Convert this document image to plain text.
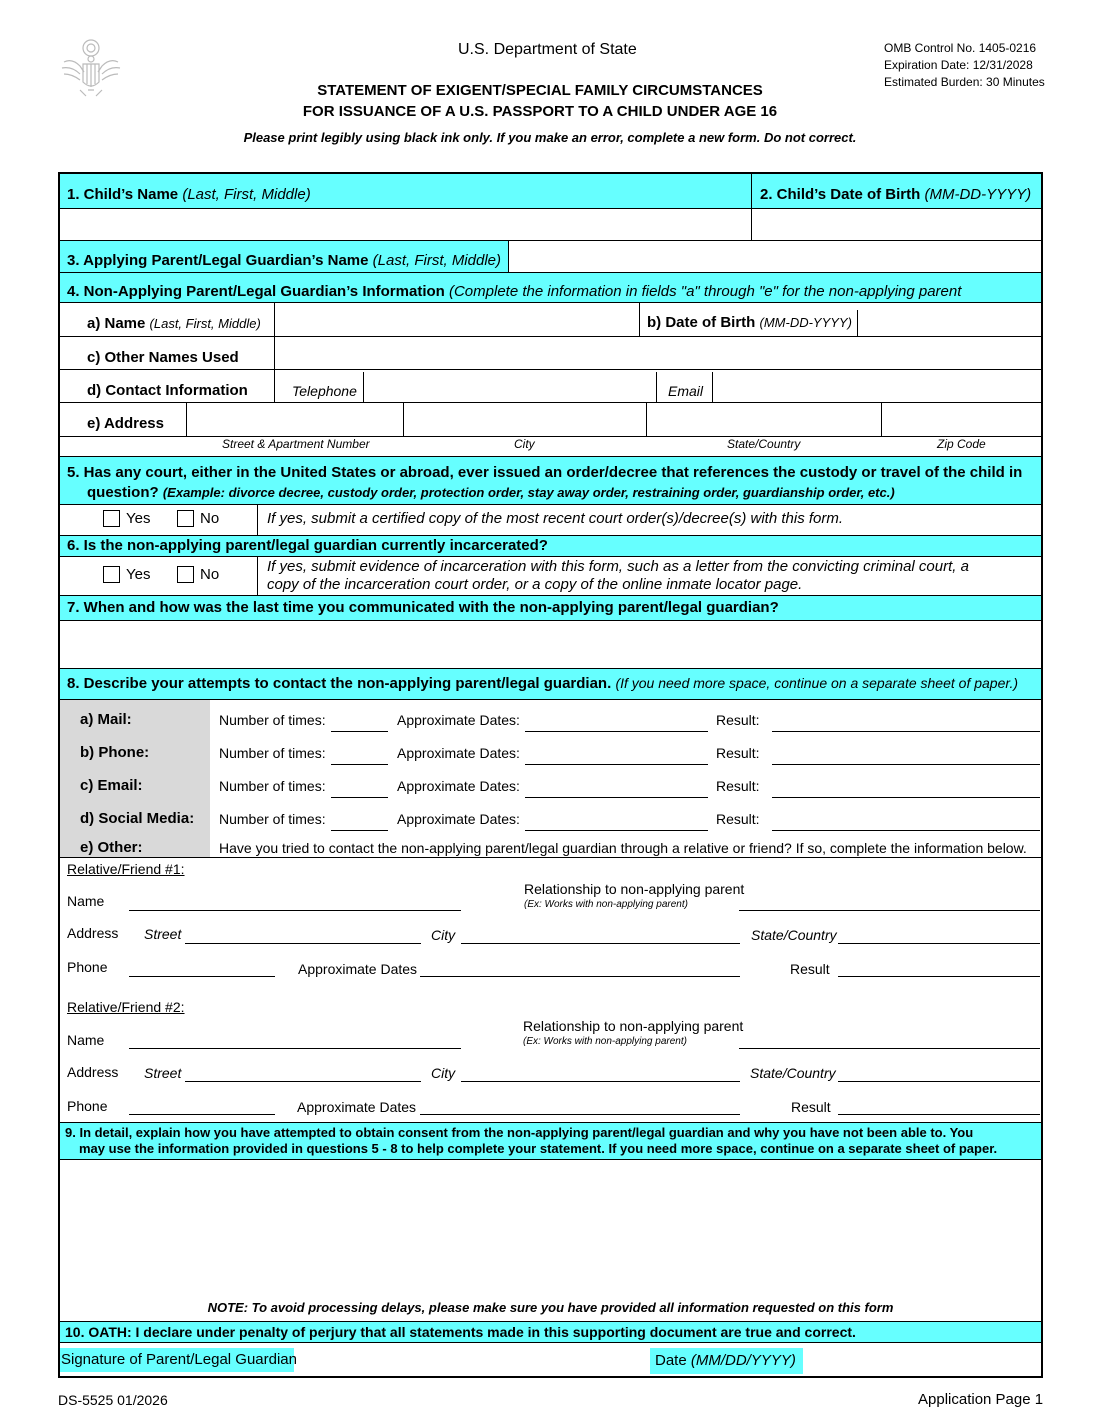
U.S. Department of State	OMB Control No. 1405-0216
Expiration Date: 12/31/2028
Estimated Burden: 30 Minutes
STATEMENT OF EXIGENT/SPECIAL FAMILY CIRCUMSTANCES
FOR ISSUANCE OF A U.S. PASSPORT TO A CHILD UNDER AGE 16
Please print legibly using black ink only. If you make an error, complete a new form. Do not correct.
1. Child’s Name (Last, First, Middle)	2. Child’s Date of Birth (MM-DD-YYYY)
3. Applying Parent/Legal Guardian’s Name (Last, First, Middle)
4. Non-Applying Parent/Legal Guardian’s Information (Complete the information in fields "a" through "e" for the non-applying parent
a) Name (Last, First, Middle)	b) Date of Birth (MM-DD-YYYY)
c) Other Names Used
d) Contact Information	Telephone	Email
e) Address
Street & Apartment Number	City	State/Country	Zip Code
5. Has any court, either in the United States or abroad, ever issued an order/decree that references the custody or travel of the child in
question? (Example: divorce decree, custody order, protection order, stay away order, restraining order, guardianship order, etc.)
Yes	No	If yes, submit a certified copy of the most recent court order(s)/decree(s) with this form.
6. Is the non-applying parent/legal guardian currently incarcerated?
Yes	No	If yes, submit evidence of incarceration with this form, such as a letter from the convicting criminal court, a
copy of the incarceration court order, or a copy of the online inmate locator page.
7. When and how was the last time you communicated with the non-applying parent/legal guardian?
8. Describe your attempts to contact the non-applying parent/legal guardian. (If you need more space, continue on a separate sheet of paper.)
a) Mail:	Number of times:	Approximate Dates:	Result:
b) Phone:	Number of times:	Approximate Dates:	Result:
c) Email:	Number of times:	Approximate Dates:	Result:
d) Social Media: Number of times:	Approximate Dates:	Result:
e) Other:	Have you tried to contact the non-applying parent/legal guardian through a relative or friend? If so, complete the information below.
Relative/Friend #1:
Name
Relationship to non-applying parent
(Ex: Works with non-applying parent)
Address Street	City	State/Country
Phone	Approximate Dates	Result
Relative/Friend #2:
Name
Relationship to non-applying parent
(Ex: Works with non-applying parent)
Address Street	City	State/Country
Phone	Approximate Dates	Result
9. In detail, explain how you have attempted to obtain consent from the non-applying parent/legal guardian and why you have not been able to. You
may use the information provided in questions 5 - 8 to help complete your statement. If you need more space, continue on a separate sheet of paper.
NOTE: To avoid processing delays, please make sure you have provided all information requested on this form
10. OATH: I declare under penalty of perjury that all statements made in this supporting document are true and correct.
Signature of Parent/Legal Guardian	Date (MM/DD/YYYY)
DS-5525 01/2026	Application Page 1
